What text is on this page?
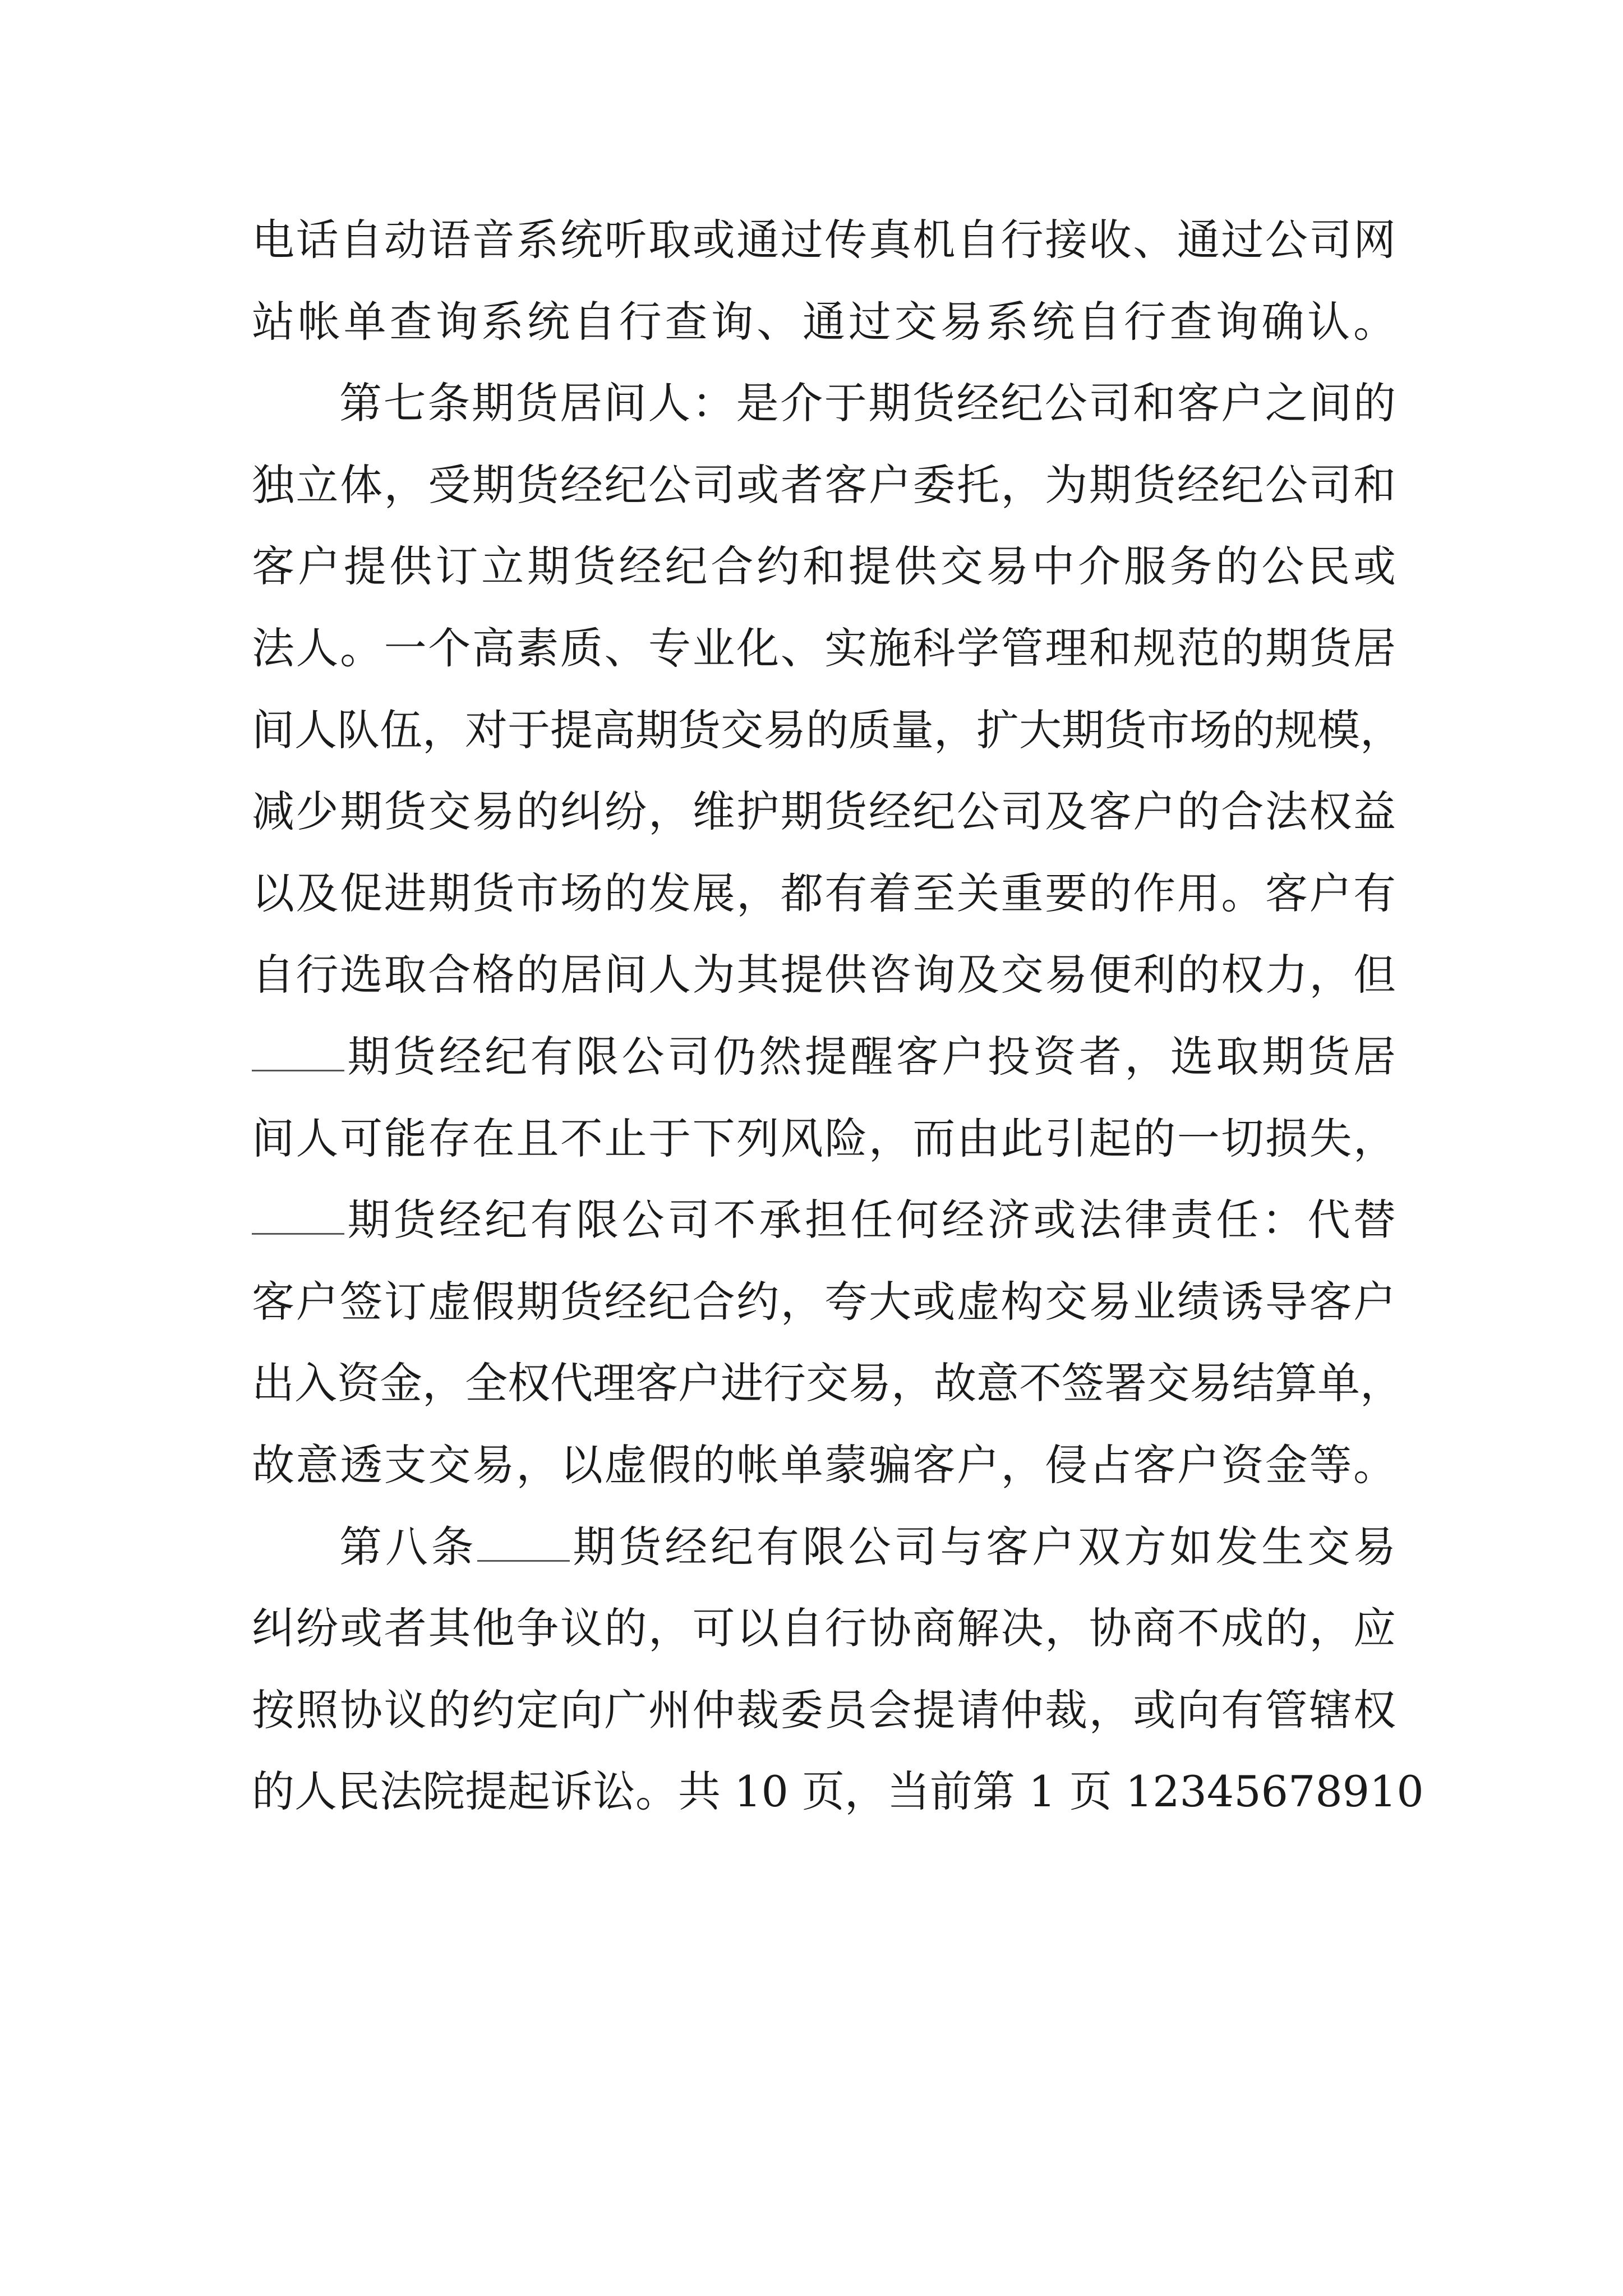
电话自动语音系统听取或通过传真机自行接收、通过公司网
站帐单查询系统自行查询、通过交易系统自行查询确认。
第七条期货居间人：是介于期货经纪公司和客户之间的
独立体，受期货经纪公司或者客户委托，为期货经纪公司和
客户提供订立期货经纪合约和提供交易中介服务的公民或
法人。一个高素质、专业化、实施科学管理和规范的期货居
间人队伍，对于提高期货交易的质量，扩大期货市场的规模，
减少期货交易的纠纷，维护期货经纪公司及客户的合法权益
以及促进期货市场的发展，都有着至关重要的作用。客户有
自行选取合格的居间人为其提供咨询及交易便利的权力，但
期货经纪有限公司仍然提醒客户投资者，选取期货居
间人可能存在且不止于下列风险，而由此引起的一切损失，
期货经纪有限公司不承担任何经济或法律责任：代替
客户签订虚假期货经纪合约，夸大或虚构交易业绩诱导客户
出入资金，全权代理客户进行交易，故意不签署交易结算单，
故意透支交易，以虚假的帐单蒙骗客户，侵占客户资金等。
第八条 期货经纪有限公司与客户双方如发生交易
纠纷或者其他争议的，可以自行协商解决，协商不成的，应
按照协议的约定向广州仲裁委员会提请仲裁，或向有管辖权
的人民法院提起诉讼。共 10 页，当前第 1 页 12345678910
